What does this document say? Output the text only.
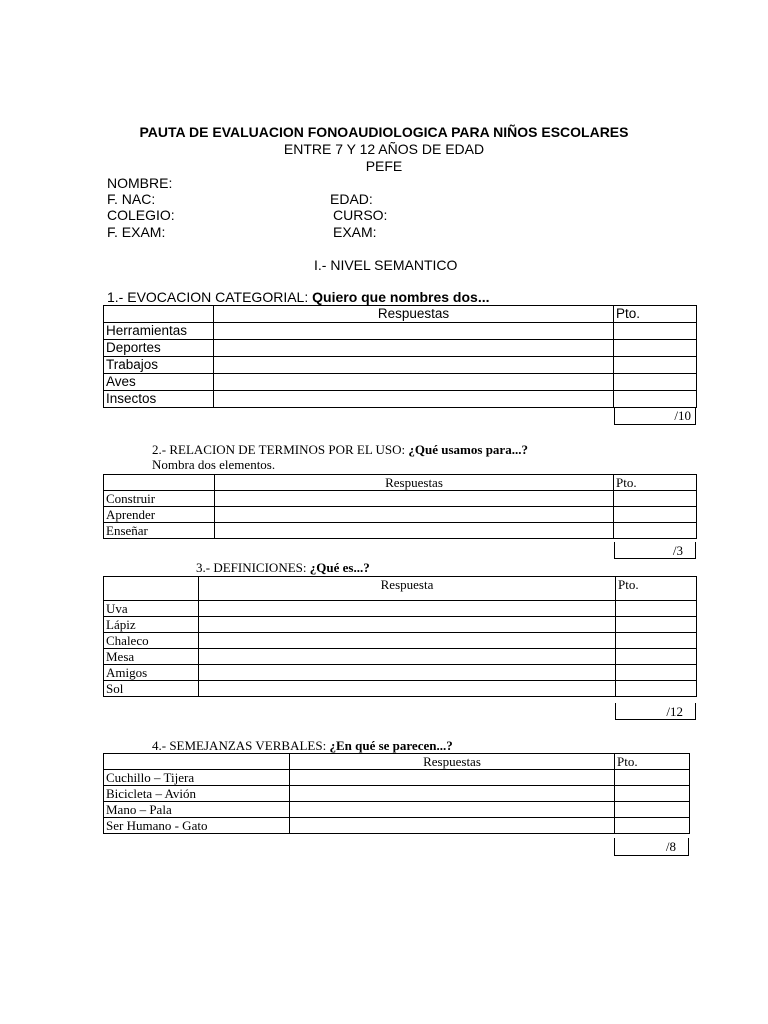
PAUTA DE EVALUACION FONOAUDIOLOGICA PARA NIÑOS ESCOLARES
ENTRE 7 Y 12 AÑOS DE EDAD
PEFE
NOMBRE:
F. NAC:	EDAD:
COLEGIO:	CURSO:
F. EXAM:	EXAM:
I.- NIVEL SEMANTICO
1.- EVOCACION CATEGORIAL: Quiero que nombres dos...
	Respuestas	Pto.
Herramientas		
Deportes		
Trabajos		
Aves		
Insectos		
/10
2.- RELACION DE TERMINOS POR EL USO: ¿Qué usamos para...?
Nombra dos elementos.
	Respuestas	Pto.
Construir		
Aprender		
Enseñar		
/3
3.- DEFINICIONES: ¿Qué es...?
	Respuesta	Pto.
Uva		
Lápiz		
Chaleco		
Mesa		
Amigos		
Sol		
/12
4.- SEMEJANZAS VERBALES: ¿En qué se parecen...?
	Respuestas	Pto.
Cuchillo – Tijera		
Bicicleta – Avión		
Mano – Pala		
Ser Humano - Gato		
/8
